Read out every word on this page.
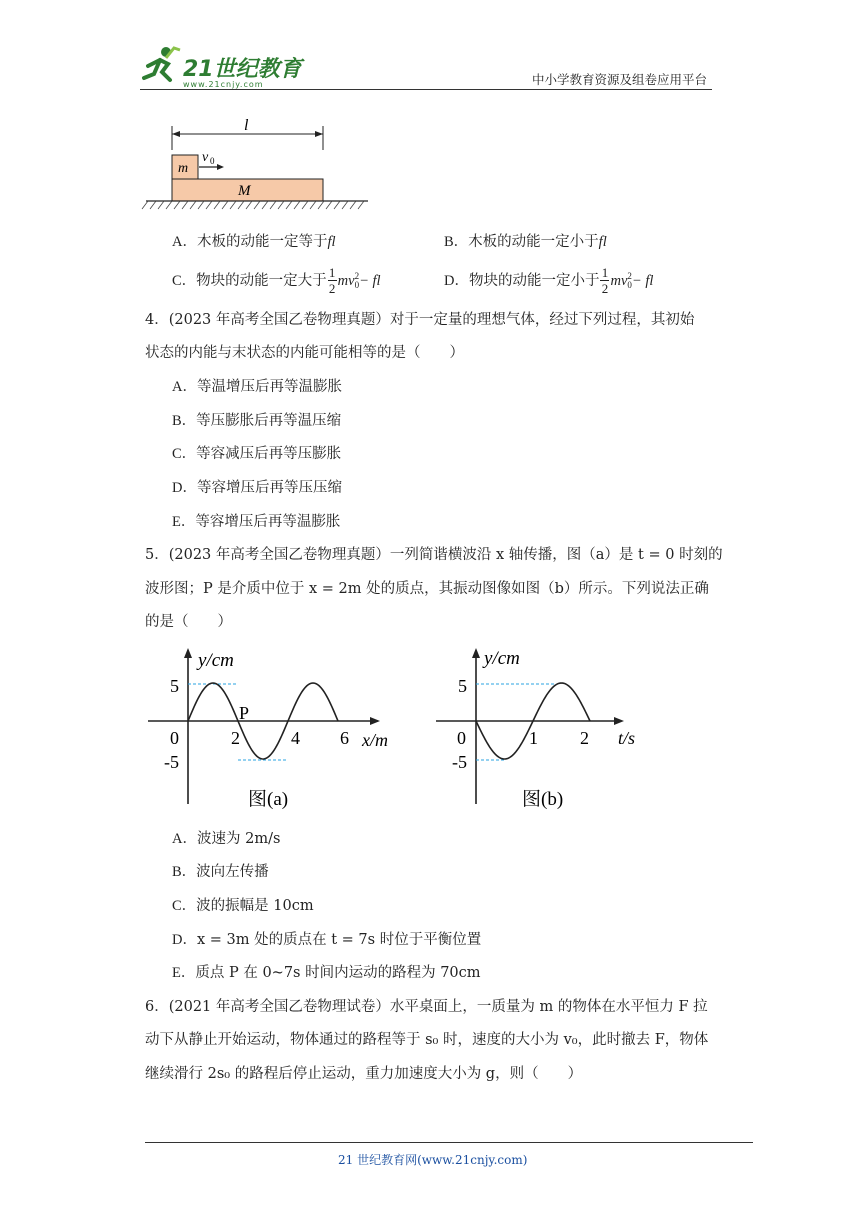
21世纪教育
www.21cnjy.com	中小学教育资源及组卷应用平台
l
m
v 0
M
A．木板的动能一定等于fl	B．木板的动能一定小于fl
C． 物块的动能一定大于 $\frac{1}{2}$ mv 2
0 − fl	D． 物块的动能一定小于 $\frac{1}{2}$ mv 2
0 − fl
4．(2023 年高考全国乙卷物理真题）对于一定量的理想气体，经过下列过程，其初始
状态的内能与末状态的内能可能相等的是（　　）
A．等温增压后再等温膨胀
B．等压膨胀后再等温压缩
C．等容减压后再等压膨胀
D．等容增压后再等压压缩
E．等容增压后再等温膨胀
5．(2023 年高考全国乙卷物理真题）一列简谐横波沿 x 轴传播，图（a）是 t = 0 时刻的
波形图；P 是介质中位于 x = 2m 处的质点，其振动图像如图（b）所示。下列说法正确
的是（　　）
y/cm
x/m
0	2	4 6
5
-5
P
图(a)
y/cm
t/s
0	1 2
5
-5
图(b)
A．波速为 2m/s
B．波向左传播
C．波的振幅是 10cm
D．x = 3m 处的质点在 t = 7s 时位于平衡位置
E．质点 P 在 0~7s 时间内运动的路程为 70cm
6．(2021 年高考全国乙卷物理试卷）水平桌面上，一质量为 m 的物体在水平恒力 F 拉
动下从静止开始运动，物体通过的路程等于 s₀ 时，速度的大小为 v₀，此时撤去 F，物体
继续滑行 2s₀ 的路程后停止运动，重力加速度大小为 g，则（　　）
21 世纪教育网(www.21cnjy.com)
